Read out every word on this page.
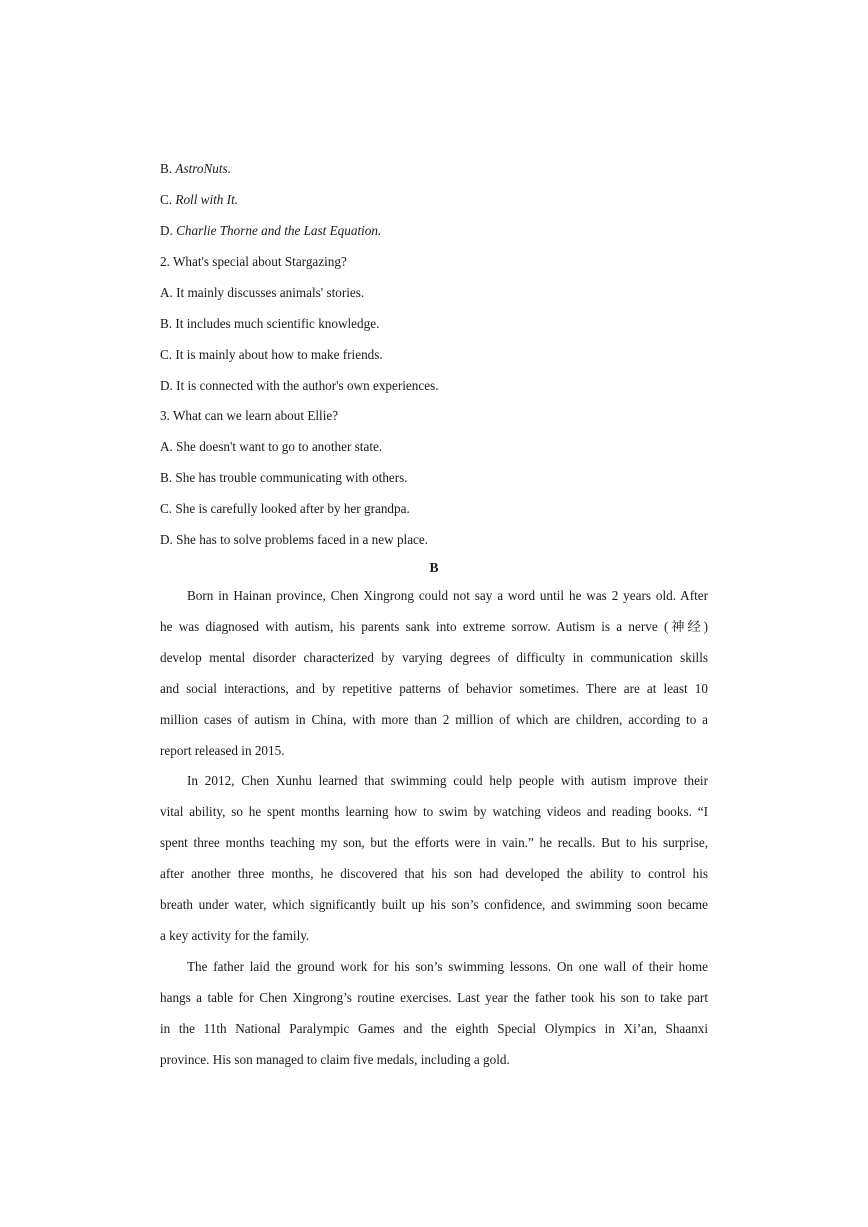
B. AstroNuts.
C. Roll with It.
D. Charlie Thorne and the Last Equation.
2. What's special about Stargazing?
A. It mainly discusses animals' stories.
B. It includes much scientific knowledge.
C. It is mainly about how to make friends.
D. It is connected with the author's own experiences.
3. What can we learn about Ellie?
A. She doesn't want to go to another state.
B. She has trouble communicating with others.
C. She is carefully looked after by her grandpa.
D. She has to solve problems faced in a new place.
B
Born in Hainan province, Chen Xingrong could not say a word until he was 2 years old. After
he was diagnosed with autism, his parents sank into extreme sorrow. Autism is a nerve (神经)
develop mental disorder characterized by varying degrees of difficulty in communication skills
and social interactions, and by repetitive patterns of behavior sometimes. There are at least 10
million cases of autism in China, with more than 2 million of which are children, according to a
report released in 2015.
In 2012, Chen Xunhu learned that swimming could help people with autism improve their
vital ability, so he spent months learning how to swim by watching videos and reading books. “I
spent three months teaching my son, but the efforts were in vain.” he recalls. But to his surprise,
after another three months, he discovered that his son had developed the ability to control his
breath under water, which significantly built up his son’s confidence, and swimming soon became
a key activity for the family.
The father laid the ground work for his son’s swimming lessons. On one wall of their home
hangs a table for Chen Xingrong’s routine exercises. Last year the father took his son to take part
in the 11th National Paralympic Games and the eighth Special Olympics in Xi’an, Shaanxi
province. His son managed to claim five medals, including a gold.
